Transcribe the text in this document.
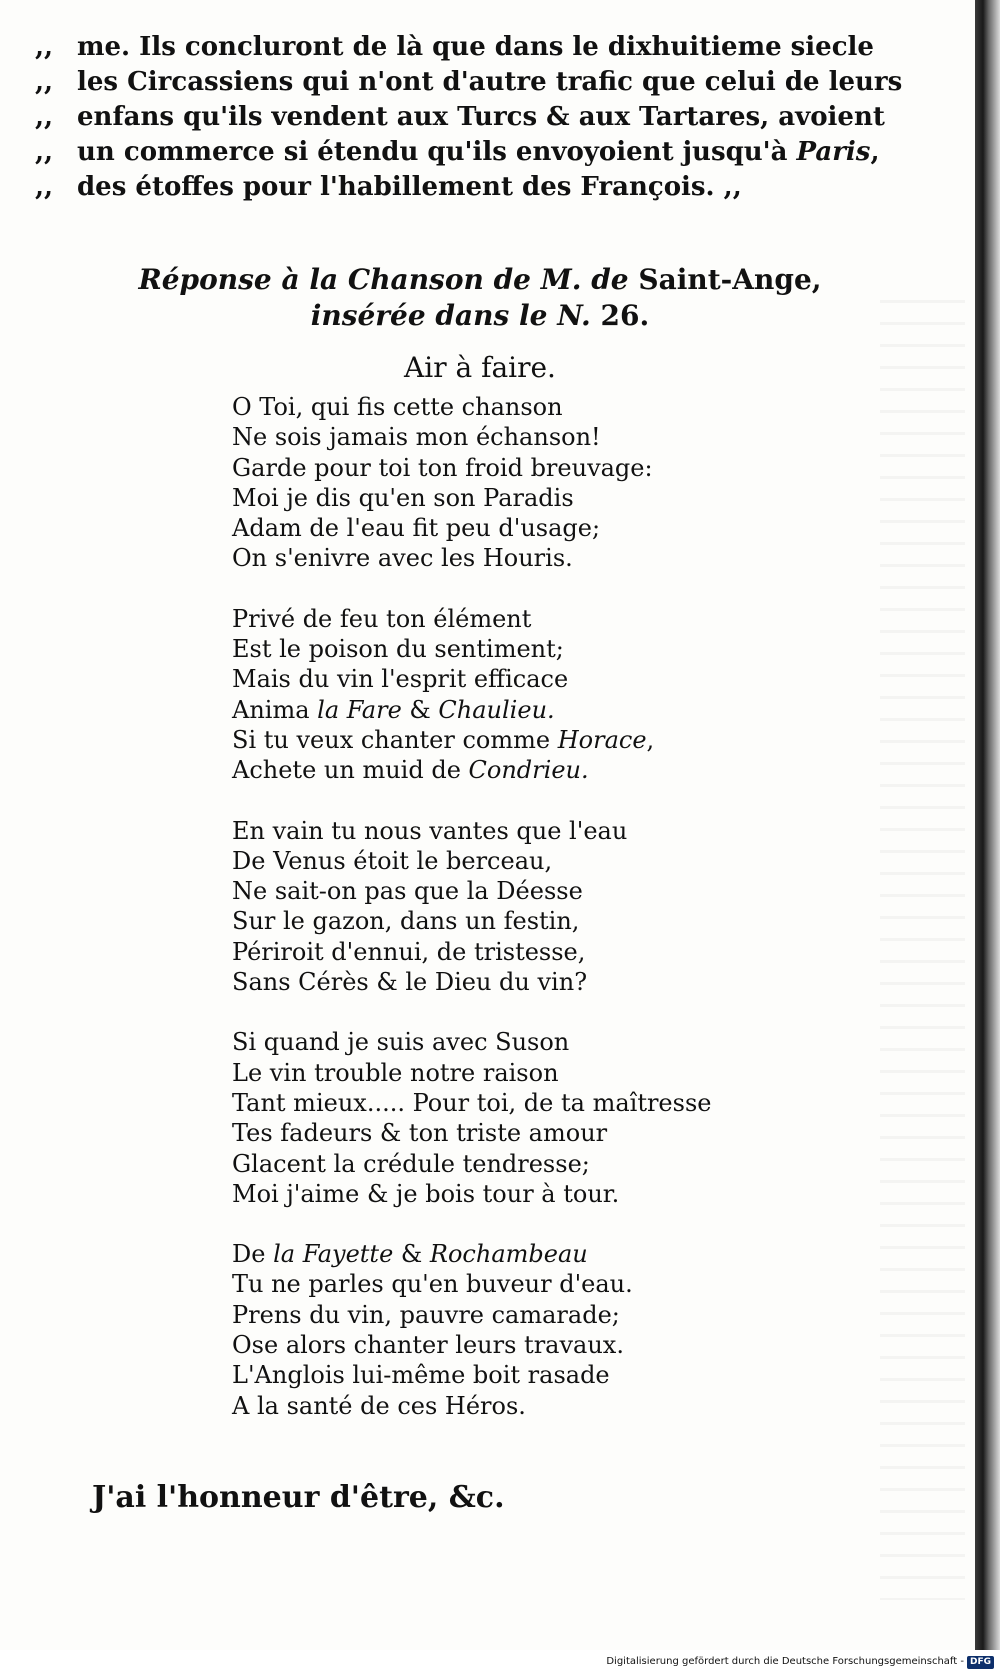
,, me. Ils concluront de là que dans le dixhuitieme siecle
,, les Circassiens qui n'ont d'autre trafic que celui de leurs
,, enfans qu'ils vendent aux Turcs & aux Tartares, avoient
,, un commerce si étendu qu'ils envoyoient jusqu'à Paris,
,, des étoffes pour l'habillement des François. ,,
Réponse à la Chanson de M. de Saint-Ange,
insérée dans le N. 26.
Air à faire.
O Toi, qui fis cette chanson
Ne sois jamais mon échanson!
Garde pour toi ton froid breuvage:
Moi je dis qu'en son Paradis
Adam de l'eau fit peu d'usage;
On s'enivre avec les Houris.
Privé de feu ton élément
Est le poison du sentiment;
Mais du vin l'esprit efficace
Anima la Fare & Chaulieu.
Si tu veux chanter comme Horace,
Achete un muid de Condrieu.
En vain tu nous vantes que l'eau
De Venus étoit le berceau,
Ne sait-on pas que la Déesse
Sur le gazon, dans un festin,
Périroit d'ennui, de tristesse,
Sans Cérès & le Dieu du vin?
Si quand je suis avec Suson
Le vin trouble notre raison
Tant mieux..... Pour toi, de ta maîtresse
Tes fadeurs & ton triste amour
Glacent la crédule tendresse;
Moi j'aime & je bois tour à tour.
De la Fayette & Rochambeau
Tu ne parles qu'en buveur d'eau.
Prens du vin, pauvre camarade;
Ose alors chanter leurs travaux.
L'Anglois lui-même boit rasade
A la santé de ces Héros.
J'ai l'honneur d'être, &c.
Digitalisierung gefördert durch die Deutsche Forschungsgemeinschaft - DFG
